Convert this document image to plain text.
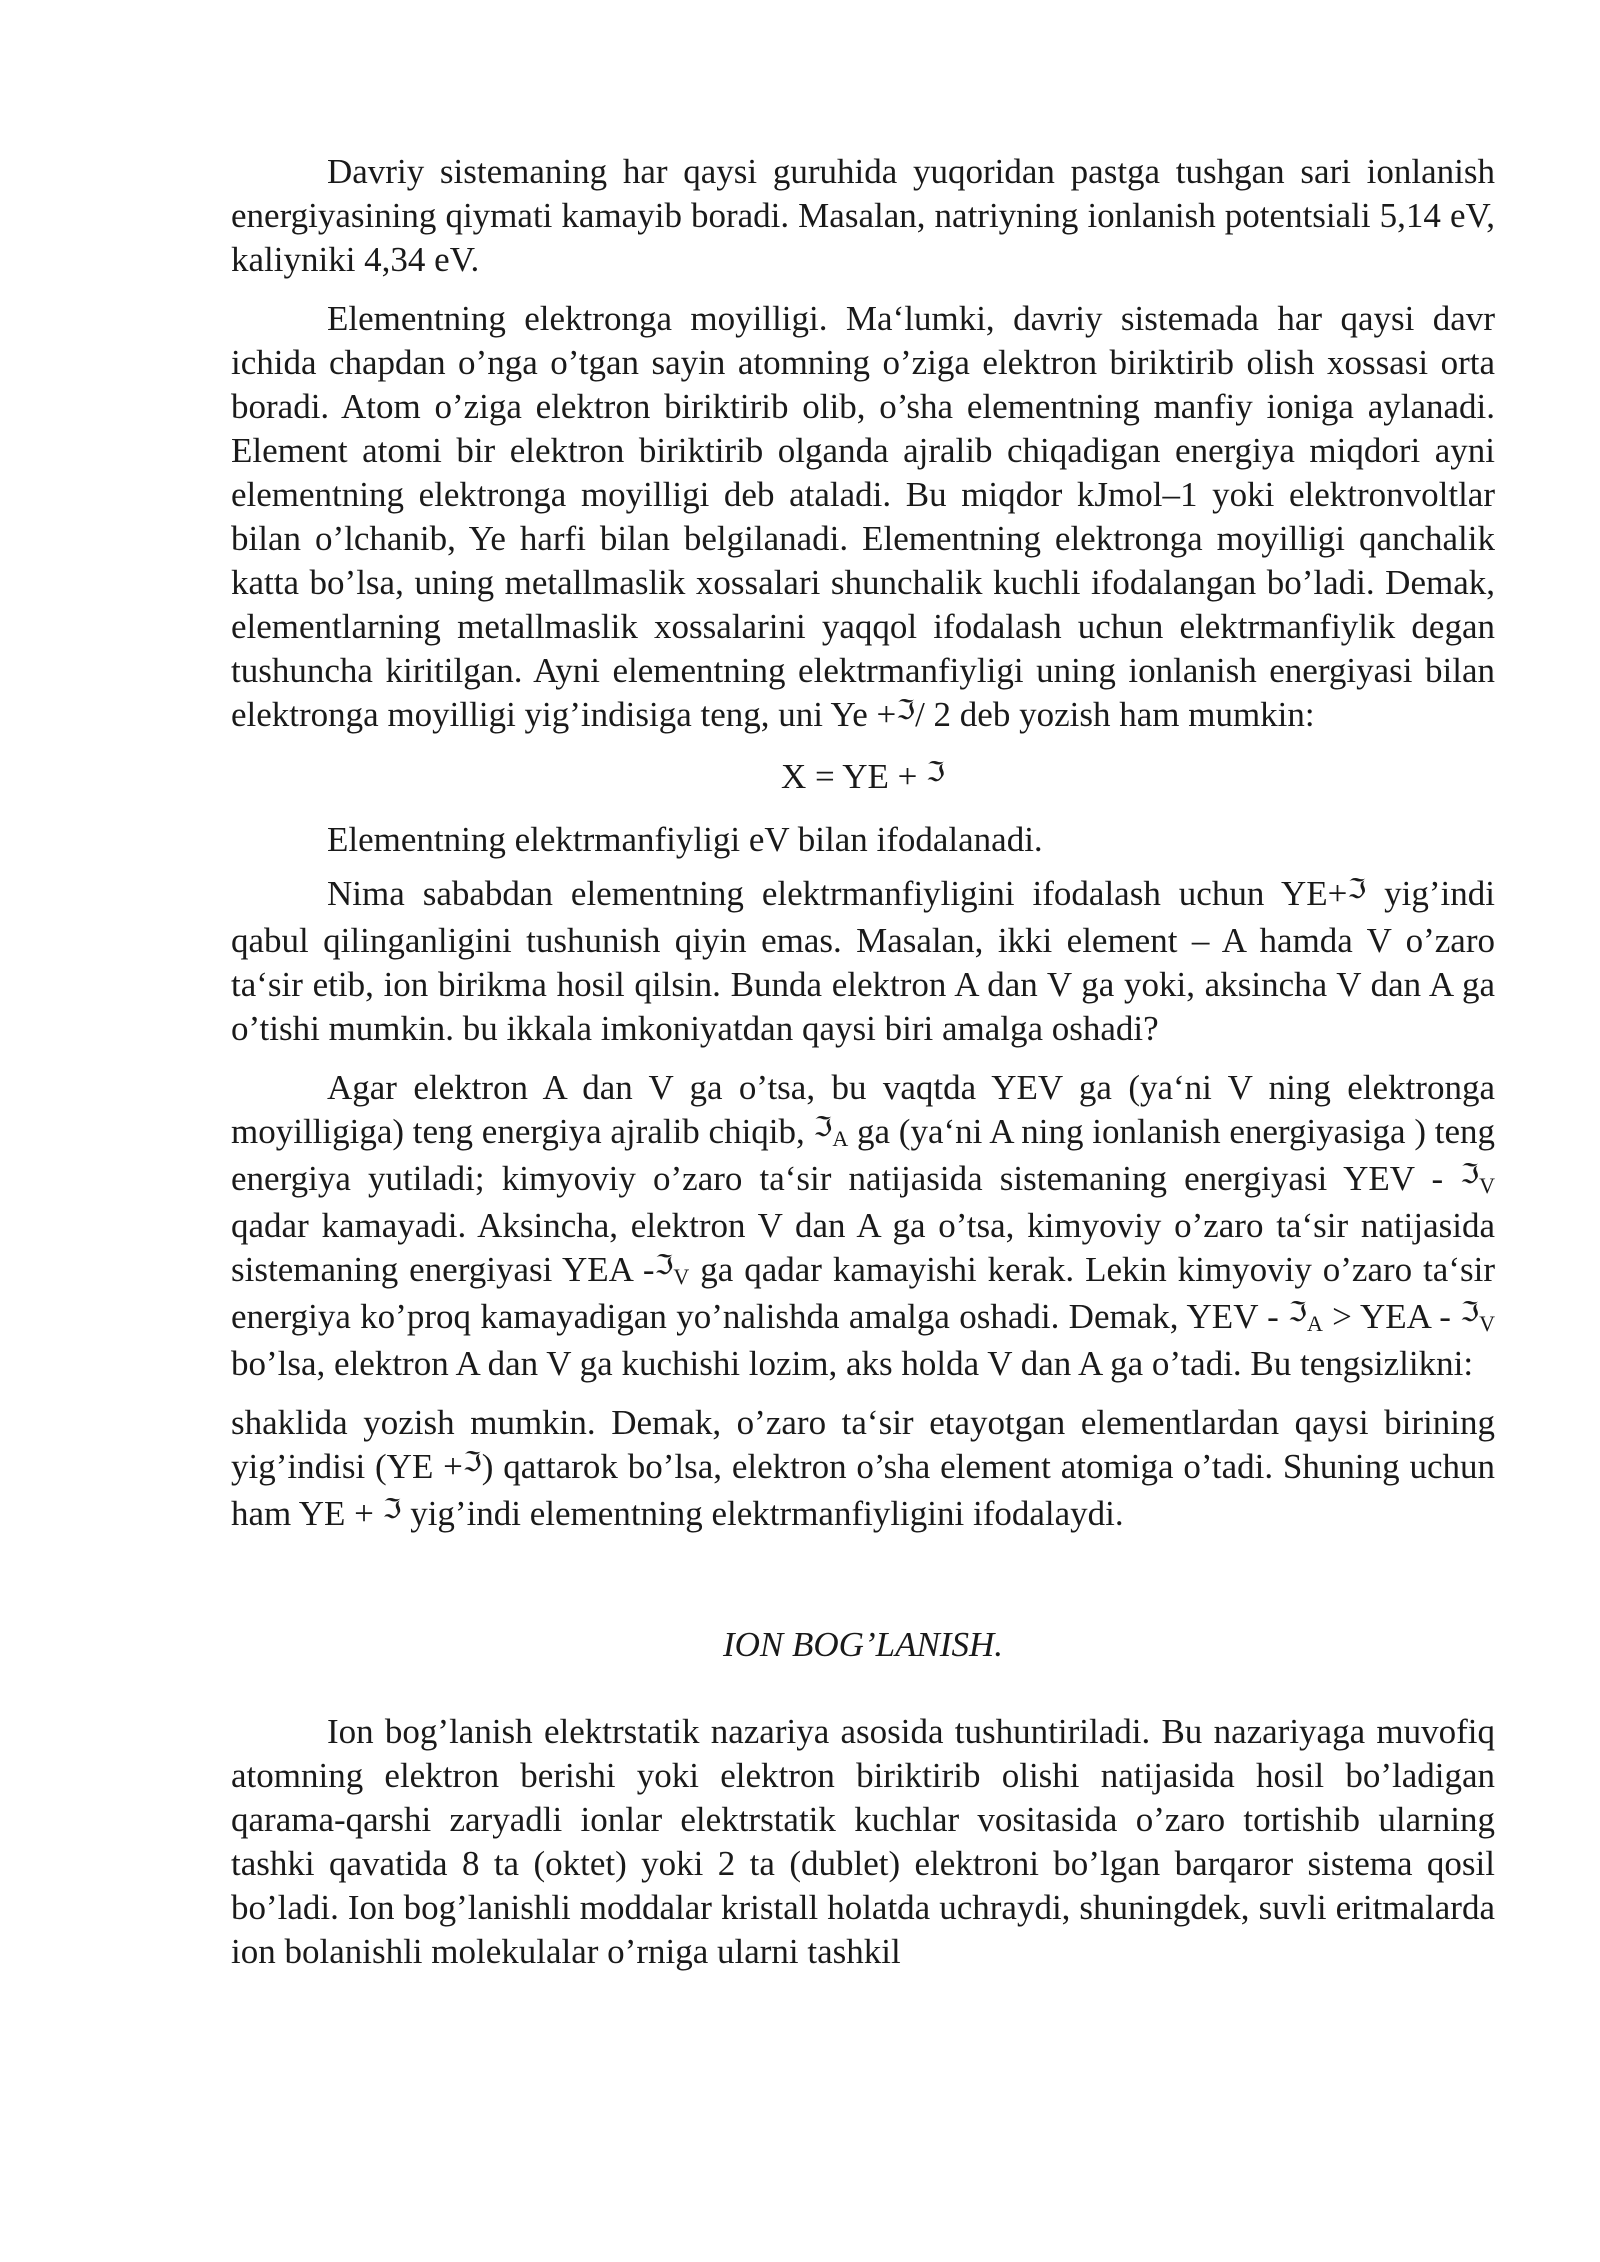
Davriy sistemaning har qaysi guruhida yuqoridan pastga tushgan sari ionlanish energiyasining qiymati kamayib boradi. Masalan, natriyning ionlanish potentsiali 5,14 eV, kaliyniki 4,34 eV.

Elementning elektronga moyilligi. Ma‘lumki, davriy sistemada har qaysi davr ichida chapdan o’nga o’tgan sayin atomning o’ziga elektron biriktirib olish xossasi orta boradi. Atom o’ziga elektron biriktirib olib, o’sha elementning manfiy ioniga aylanadi. Element atomi bir elektron biriktirib olganda ajralib chiqadigan energiya miqdori ayni elementning elektronga moyilligi deb ataladi. Bu miqdor kJmol–1 yoki elektronvoltlar bilan o’lchanib, Ye harfi bilan belgilanadi. Elementning elektronga moyilligi qanchalik katta bo’lsa, uning metallmaslik xossalari shunchalik kuchli ifodalangan bo’ladi. Demak, elementlarning metallmaslik xossalarini yaqqol ifodalash uchun elektrmanfiylik degan tushuncha kiritilgan. Ayni elementning elektrmanfiyligi uning ionlanish energiyasi bilan elektronga moyilligi yig’indisiga teng, uni Ye +$^ℑ$/ 2 deb yozish ham mumkin:

X = YE + $^ℑ$

Elementning elektrmanfiyligi eV bilan ifodalanadi.

Nima sababdan elementning elektrmanfiyligini ifodalash uchun YE+$^ℑ$ yig’indi qabul qilinganligini tushunish qiyin emas. Masalan, ikki element – A hamda V o’zaro ta‘sir etib, ion birikma hosil qilsin. Bunda elektron A dan V ga yoki, aksincha V dan A ga o’tishi mumkin. bu ikkala imkoniyatdan qaysi biri amalga oshadi?

Agar elektron A dan V ga o’tsa, bu vaqtda YEV ga (ya‘ni V ning elektronga moyilligiga) teng energiya ajralib chiqib, $^ℑ_A$ ga (ya‘ni A ning ionlanish energiyasiga ) teng energiya yutiladi; kimyoviy o’zaro ta‘sir natijasida sistemaning energiyasi YEV - $^ℑ_V$ qadar kamayadi. Aksincha, elektron V dan A ga o’tsa, kimyoviy o’zaro ta‘sir natijasida sistemaning energiyasi YEA -$^ℑ_V$ ga qadar kamayishi kerak. Lekin kimyoviy o’zaro ta‘sir energiya ko’proq kamayadigan yo’nalishda amalga oshadi. Demak, YEV - $^ℑ_A$ > YEA - $^ℑ_V$ bo’lsa, elektron A dan V ga kuchishi lozim, aks holda V dan A ga o’tadi. Bu tengsizlikni:

shaklida yozish mumkin. Demak, o’zaro ta‘sir etayotgan elementlardan qaysi birining yig’indisi (YE +$^ℑ$) qattarok bo’lsa, elektron o’sha element atomiga o’tadi. Shuning uchun ham YE + $^ℑ$ yig’indi elementning elektrmanfiyligini ifodalaydi.

ION BOG’LANISH.

Ion bog’lanish elektrstatik nazariya asosida tushuntiriladi. Bu nazariyaga muvofiq atomning elektron berishi yoki elektron biriktirib olishi natijasida hosil bo’ladigan qarama-qarshi zaryadli ionlar elektrstatik kuchlar vositasida o’zaro tortishib ularning tashki qavatida 8 ta (oktet) yoki 2 ta (dublet) elektroni bo’lgan barqaror sistema qosil bo’ladi. Ion bog’lanishli moddalar kristall holatda uchraydi, shuningdek, suvli eritmalarda ion bolanishli molekulalar o’rniga ularni tashkil
